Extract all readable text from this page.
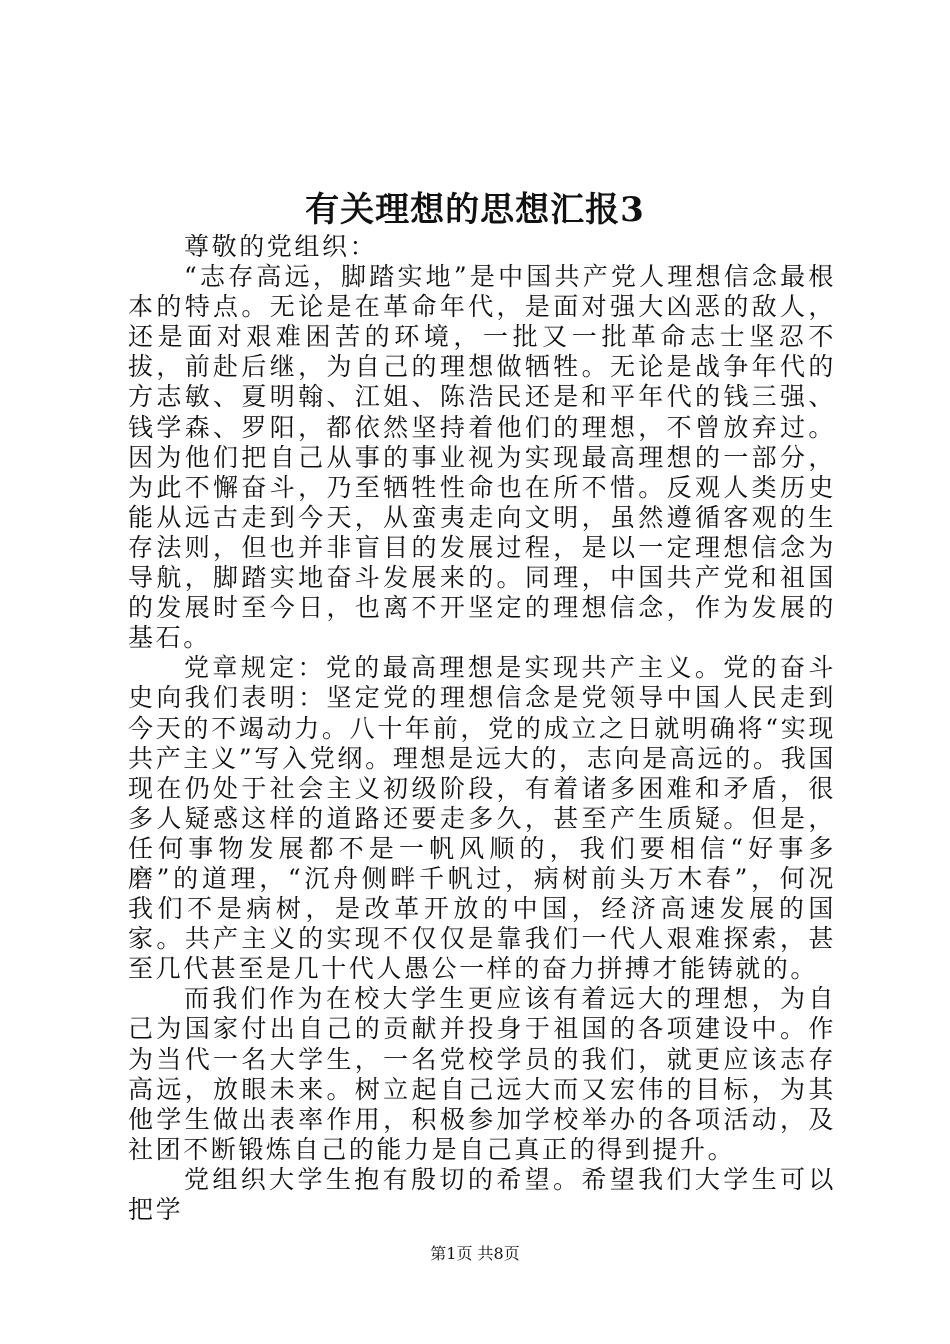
有关理想的思想汇报3

尊敬的党组织：

“志存高远，脚踏实地”是中国共产党人理想信念最根本的特点。无论是在革命年代，是面对强大凶恶的敌人，还是面对艰难困苦的环境，一批又一批革命志士坚忍不拔，前赴后继，为自己的理想做牺牲。无论是战争年代的方志敏、夏明翰、江姐、陈浩民还是和平年代的钱三强、钱学森、罗阳，都依然坚持着他们的理想，不曾放弃过。因为他们把自己从事的事业视为实现最高理想的一部分，为此不懈奋斗，乃至牺牲性命也在所不惜。反观人类历史能从远古走到今天，从蛮夷走向文明，虽然遵循客观的生存法则，但也并非盲目的发展过程，是以一定理想信念为导航，脚踏实地奋斗发展来的。同理，中国共产党和祖国的发展时至今日，也离不开坚定的理想信念，作为发展的基石。

党章规定：党的最高理想是实现共产主义。党的奋斗史向我们表明：坚定党的理想信念是党领导中国人民走到今天的不竭动力。八十年前，党的成立之日就明确将“实现共产主义”写入党纲。理想是远大的，志向是高远的。我国现在仍处于社会主义初级阶段，有着诸多困难和矛盾，很多人疑惑这样的道路还要走多久，甚至产生质疑。但是，任何事物发展都不是一帆风顺的，我们要相信“好事多磨”的道理，“沉舟侧畔千帆过，病树前头万木春”，何况我们不是病树，是改革开放的中国，经济高速发展的国家。共产主义的实现不仅仅是靠我们一代人艰难探索，甚至几代甚至是几十代人愚公一样的奋力拼搏才能铸就的。

而我们作为在校大学生更应该有着远大的理想，为自己为国家付出自己的贡献并投身于祖国的各项建设中。作为当代一名大学生，一名党校学员的我们，就更应该志存高远，放眼未来。树立起自己远大而又宏伟的目标，为其他学生做出表率作用，积极参加学校举办的各项活动，及社团不断锻炼自己的能力是自己真正的得到提升。

党组织大学生抱有殷切的希望。希望我们大学生可以把学

第1页 共8页
